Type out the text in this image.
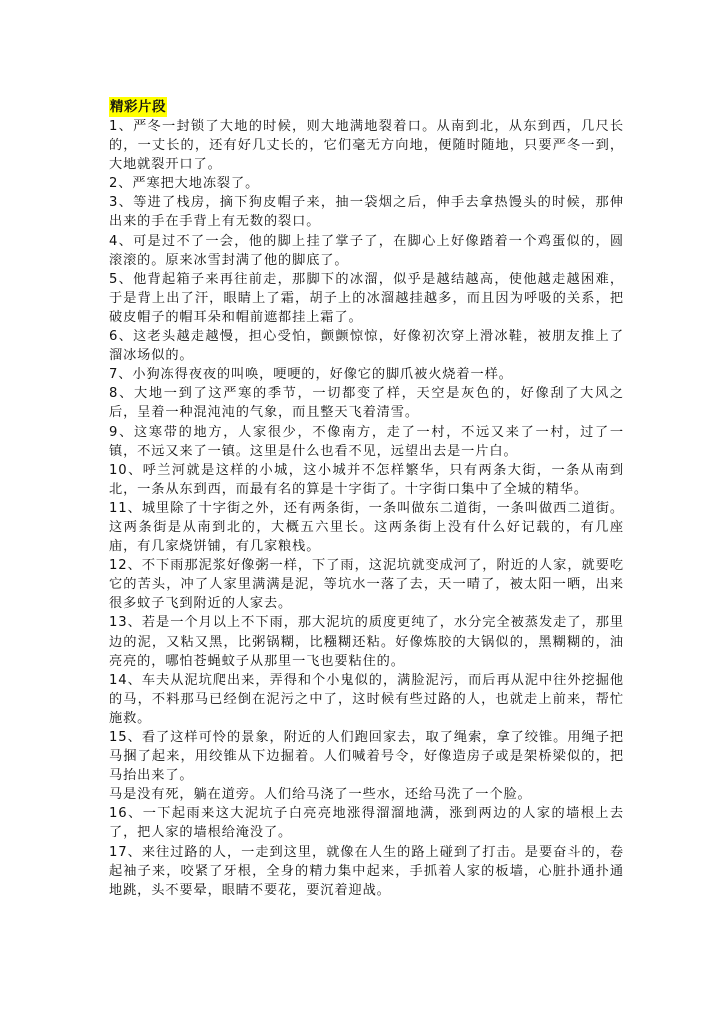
精彩片段

1、严冬一封锁了大地的时候，则大地满地裂着口。从南到北，从东到西，几尺长的，一丈长的，还有好几丈长的，它们毫无方向地，便随时随地，只要严冬一到，大地就裂开口了。

2、严寒把大地冻裂了。

3、等进了栈房，摘下狗皮帽子来，抽一袋烟之后，伸手去拿热馒头的时候，那伸出来的手在手背上有无数的裂口。

4、可是过不了一会，他的脚上挂了掌子了，在脚心上好像踏着一个鸡蛋似的，圆滚滚的。原来冰雪封满了他的脚底了。

5、他背起箱子来再往前走，那脚下的冰溜，似乎是越结越高，使他越走越困难，于是背上出了汗，眼睛上了霜，胡子上的冰溜越挂越多，而且因为呼吸的关系，把破皮帽子的帽耳朵和帽前遮都挂上霜了。

6、这老头越走越慢，担心受怕，颤颤惊惊，好像初次穿上滑冰鞋，被朋友推上了溜冰场似的。

7、小狗冻得夜夜的叫唤，哽哽的，好像它的脚爪被火烧着一样。

8、大地一到了这严寒的季节，一切都变了样，天空是灰色的，好像刮了大风之后，呈着一种混沌沌的气象，而且整天飞着清雪。

9、这寒带的地方，人家很少，不像南方，走了一村，不远又来了一村，过了一镇，不远又来了一镇。这里是什么也看不见，远望出去是一片白。

10、呼兰河就是这样的小城，这小城并不怎样繁华，只有两条大街，一条从南到北，一条从东到西，而最有名的算是十字街了。十字街口集中了全城的精华。

11、城里除了十字街之外，还有两条街，一条叫做东二道街，一条叫做西二道街。这两条街是从南到北的，大概五六里长。这两条街上没有什么好记载的，有几座庙，有几家烧饼铺，有几家粮栈。

12、不下雨那泥浆好像粥一样，下了雨，这泥坑就变成河了，附近的人家，就要吃它的苦头，冲了人家里满满是泥，等坑水一落了去，天一晴了，被太阳一晒，出来很多蚊子飞到附近的人家去。

13、若是一个月以上不下雨，那大泥坑的质度更纯了，水分完全被蒸发走了，那里边的泥，又粘又黑，比粥锅糊，比糨糊还粘。好像炼胶的大锅似的，黑糊糊的，油亮亮的，哪怕苍蝇蚊子从那里一飞也要粘住的。

14、车夫从泥坑爬出来，弄得和个小鬼似的，满脸泥污，而后再从泥中往外挖掘他的马，不料那马已经倒在泥污之中了，这时候有些过路的人，也就走上前来，帮忙施救。

15、看了这样可怜的景象，附近的人们跑回家去，取了绳索，拿了绞锥。用绳子把马捆了起来，用绞锥从下边掘着。人们喊着号令，好像造房子或是架桥梁似的，把马抬出来了。

马是没有死，躺在道旁。人们给马浇了一些水，还给马洗了一个脸。

16、一下起雨来这大泥坑子白亮亮地涨得溜溜地满，涨到两边的人家的墙根上去了，把人家的墙根给淹没了。

17、来往过路的人，一走到这里，就像在人生的路上碰到了打击。是要奋斗的，卷起袖子来，咬紧了牙根，全身的精力集中起来，手抓着人家的板墙，心脏扑通扑通地跳，头不要晕，眼睛不要花，要沉着迎战。
